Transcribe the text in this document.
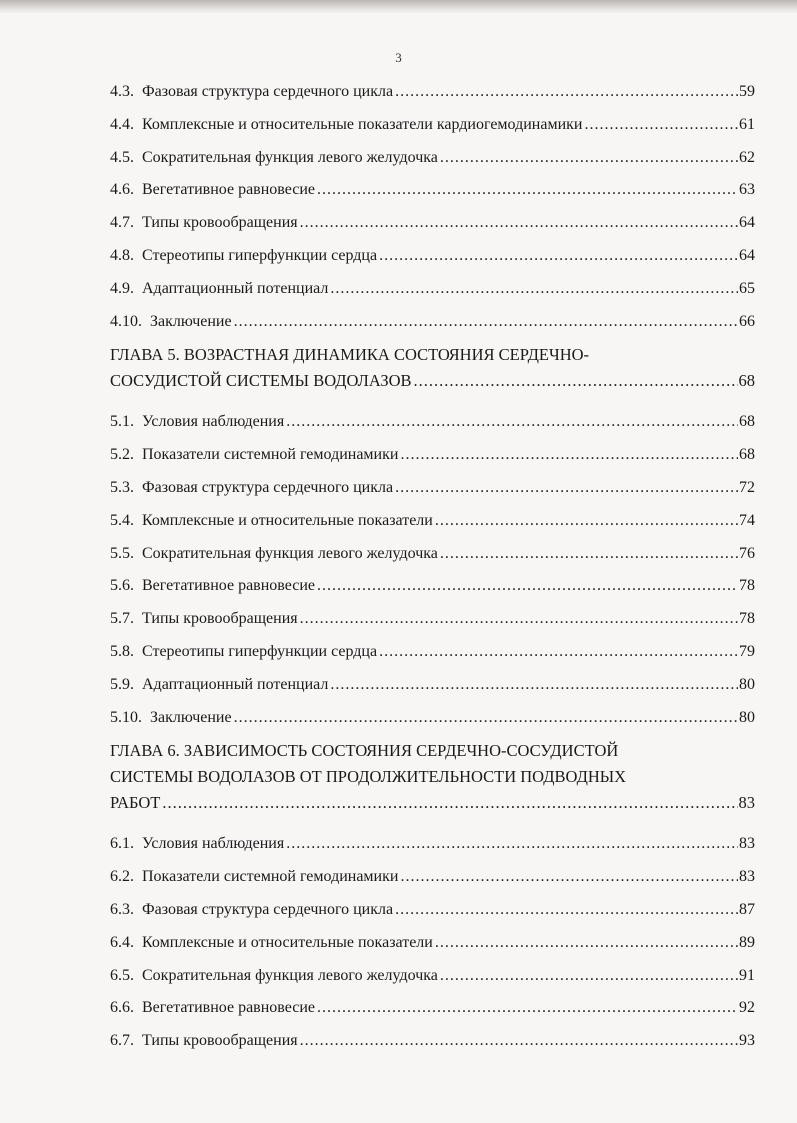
3
4.3. Фазовая структура сердечного цикла .....	59
4.4. Комплексные и относительные показатели кардиогемодинамики .....	61
4.5. Сократительная функция левого желудочка .....	62
4.6. Вегетативное равновесие .....	63
4.7. Типы кровообращения .....	64
4.8. Стереотипы гиперфункции сердца .....	64
4.9. Адаптационный потенциал .....	65
4.10. Заключение .....	66
ГЛАВА 5. ВОЗРАСТНАЯ ДИНАМИКА СОСТОЯНИЯ СЕРДЕЧНО-
СОСУДИСТОЙ СИСТЕМЫ ВОДОЛАЗОВ .....	68
5.1. Условия наблюдения .....	68
5.2. Показатели системной гемодинамики .....	68
5.3. Фазовая структура сердечного цикла .....	72
5.4. Комплексные и относительные показатели .....	74
5.5. Сократительная функция левого желудочка .....	76
5.6. Вегетативное равновесие .....	78
5.7. Типы кровообращения .....	78
5.8. Стереотипы гиперфункции сердца .....	79
5.9. Адаптационный потенциал .....	80
5.10. Заключение .....	80
ГЛАВА 6. ЗАВИСИМОСТЬ СОСТОЯНИЯ СЕРДЕЧНО-СОСУДИСТОЙ
СИСТЕМЫ ВОДОЛАЗОВ ОТ ПРОДОЛЖИТЕЛЬНОСТИ ПОДВОДНЫХ
РАБОТ .....	83
6.1. Условия наблюдения .....	83
6.2. Показатели системной гемодинамики .....	83
6.3. Фазовая структура сердечного цикла .....	87
6.4. Комплексные и относительные показатели .....	89
6.5. Сократительная функция левого желудочка .....	91
6.6. Вегетативное равновесие .....	92
6.7. Типы кровообращения .....	93
